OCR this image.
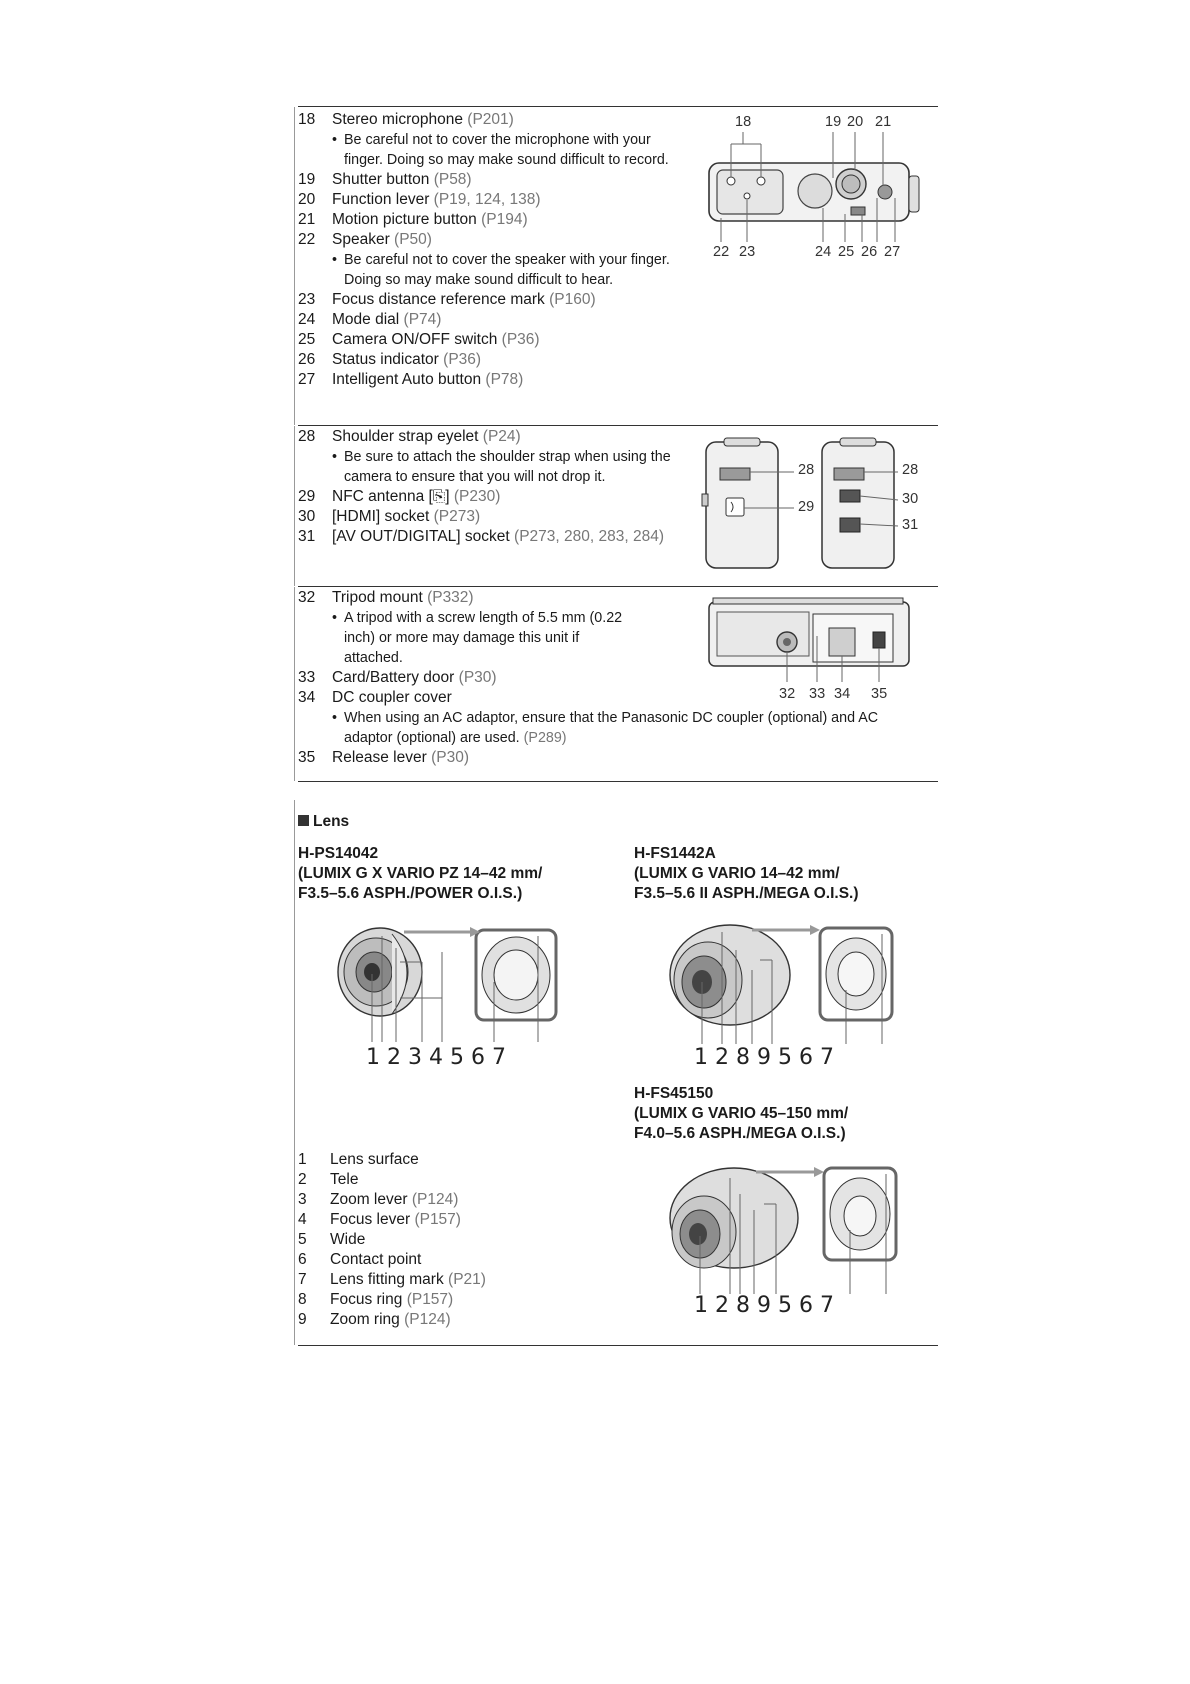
18	Stereo microphone (P201)
• Be careful not to cover the microphone with your finger. Doing so may make sound difficult to record.
19	Shutter button (P58)
20	Function lever (P19, 124, 138)
21	Motion picture button (P194)
22	Speaker (P50)
• Be careful not to cover the speaker with your finger. Doing so may make sound difficult to hear.
23	Focus distance reference mark (P160)
24	Mode dial (P74)
25	Camera ON/OFF switch (P36)
26	Status indicator (P36)
27	Intelligent Auto button (P78)
18	19 20 21
22 23	24 25 26 27
28	Shoulder strap eyelet (P24)
• Be sure to attach the shoulder strap when using the camera to ensure that you will not drop it.
29	NFC antenna [⎘] (P230)
30	[HDMI] socket (P273)
31	[AV OUT/DIGITAL] socket (P273, 280, 283, 284)
28
29
28
30
31
32	Tripod mount (P332)
• A tripod with a screw length of 5.5 mm (0.22 inch) or more may damage this unit if attached.
33	Card/Battery door (P30)
34	DC coupler cover
• When using an AC adaptor, ensure that the Panasonic DC coupler (optional) and AC adaptor (optional) are used. (P289)
35	Release lever (P30)
32 33 34 35
Lens
H-PS14042
(LUMIX G X VARIO PZ 14–42 mm/
F3.5–5.6 ASPH./POWER O.I.S.)
H-FS1442A
(LUMIX G VARIO 14–42 mm/
F3.5–5.6 II ASPH./MEGA O.I.S.)
1 2 3 4 5 6 7	1 2 8 9 5 6 7
H-FS45150
(LUMIX G VARIO 45–150 mm/
F4.0–5.6 ASPH./MEGA O.I.S.)
1 2 8 9 5 6 7
1	Lens surface
2	Tele
3	Zoom lever (P124)
4	Focus lever (P157)
5	Wide
6	Contact point
7	Lens fitting mark (P21)
8	Focus ring (P157)
9	Zoom ring (P124)
